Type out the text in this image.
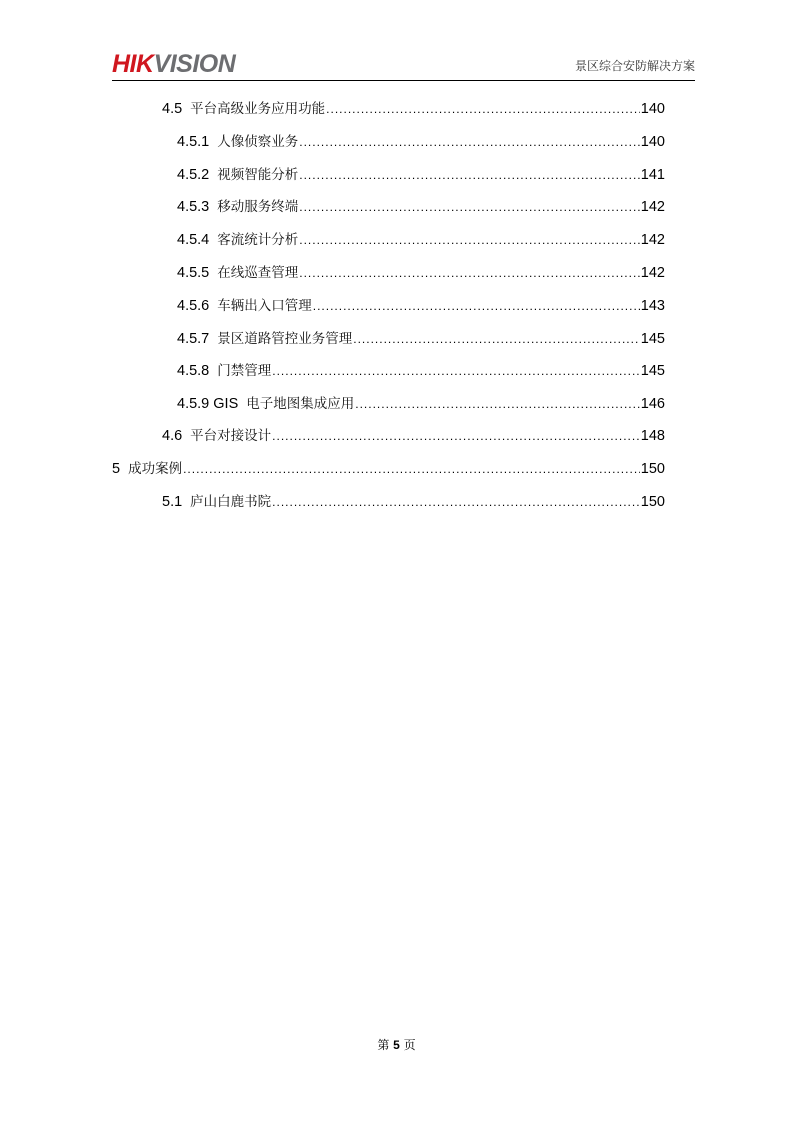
HIKVISION	景区综合安防解决方案
4.5 平台高级业务应用功能 .....	140
4.5.1 人像侦察业务 .....	140
4.5.2 视频智能分析 .....	141
4.5.3 移动服务终端 .....	142
4.5.4 客流统计分析 .....	142
4.5.5 在线巡查管理 .....	142
4.5.6 车辆出入口管理 .....	143
4.5.7 景区道路管控业务管理 .....	145
4.5.8 门禁管理 .....	145
4.5.9 GIS 电子地图集成应用 .....	146
4.6 平台对接设计 .....	148
5 成功案例 .....	150
5.1 庐山白鹿书院 .....	150
第 5 页
